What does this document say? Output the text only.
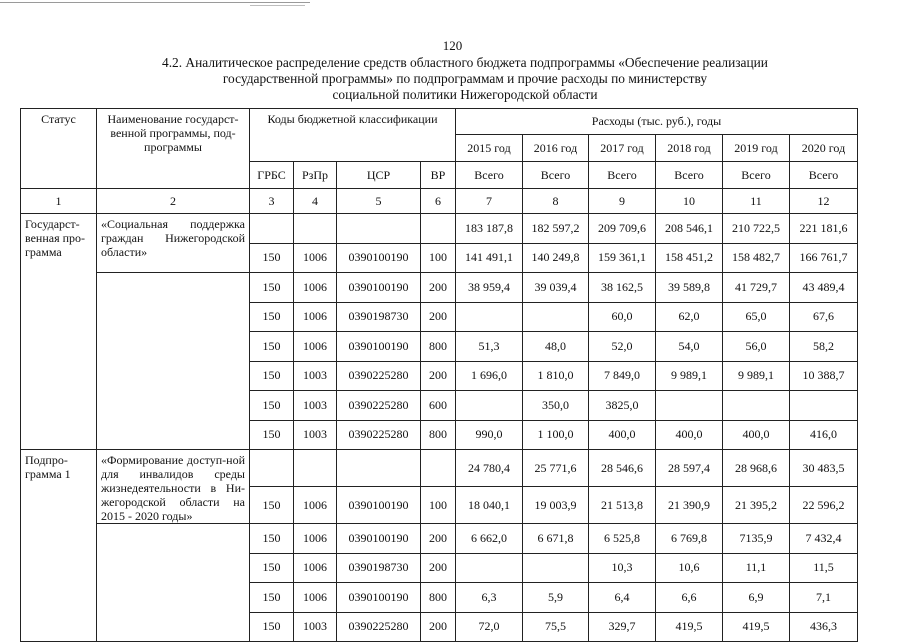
120
4.2. Аналитическое распределение средств областного бюджета подпрограммы «Обеспечение реализации
государственной программы» по подпрограммам и прочие расходы по министерству
социальной политики Нижегородской области
Статус	Наименование государст-венной программы, под-программы	Коды бюджетной классификации				Расходы (тыс. руб.), годы					
						2015 год	2016 год	2017 год	2018 год	2019 год	2020 год
		ГРБС	РзПр	ЦСР	ВР	Всего	Всего	Всего	Всего	Всего	Всего
1	2	3	4	5	6	7	8	9	10	11	12
Государст-венная про-грамма	«Социальная поддержка граждан Нижегородской области»					183 187,8	182 597,2	209 709,6	208 546,1	210 722,5	221 181,6
		150	1006	0390100190	100	141 491,1	140 249,8	159 361,1	158 451,2	158 482,7	166 761,7
		150	1006	0390100190	200	38 959,4	39 039,4	38 162,5	39 589,8	41 729,7	43 489,4
		150	1006	0390198730	200			60,0	62,0	65,0	67,6
		150	1006	0390100190	800	51,3	48,0	52,0	54,0	56,0	58,2
		150	1003	0390225280	200	1 696,0	1 810,0	7 849,0	9 989,1	9 989,1	10 388,7
		150	1003	0390225280	600		350,0	3825,0			
		150	1003	0390225280	800	990,0	1 100,0	400,0	400,0	400,0	416,0
Подпро-грамма 1	«Формирование доступ-ной для инвалидов среды жизнедеятельности в Ни-жегородской области на 2015 - 2020 годы»					24 780,4	25 771,6	28 546,6	28 597,4	28 968,6	30 483,5
		150	1006	0390100190	100	18 040,1	19 003,9	21 513,8	21 390,9	21 395,2	22 596,2
		150	1006	0390100190	200	6 662,0	6 671,8	6 525,8	6 769,8	7135,9	7 432,4
		150	1006	0390198730	200			10,3	10,6	11,1	11,5
		150	1006	0390100190	800	6,3	5,9	6,4	6,6	6,9	7,1
		150	1003	0390225280	200	72,0	75,5	329,7	419,5	419,5	436,3
